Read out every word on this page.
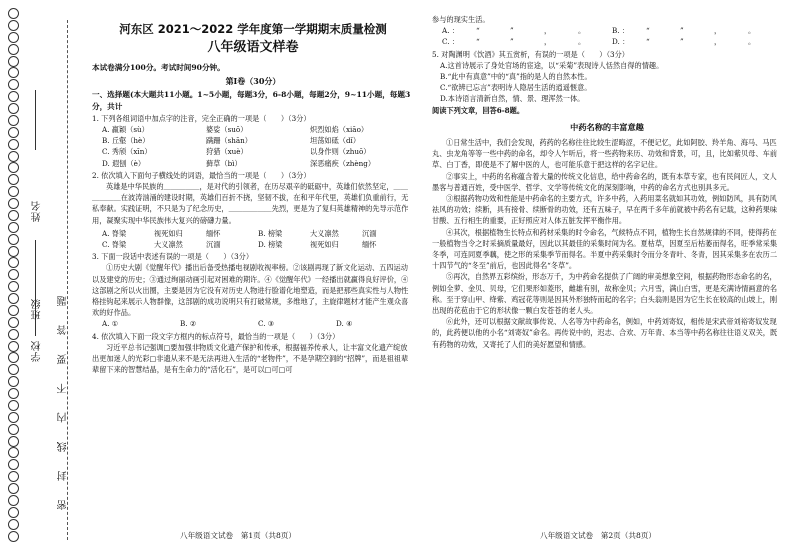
学校
班级
姓名
密 封 线 内 不 要 答 题
河东区 2021～2022 学年度第一学期期末质量检测
八年级语文样卷

本试卷满分100分。考试时间90分钟。

第Ⅰ卷（30分）

一、选择题(本大题共11小题。1~5小题，每题3分，6-8小题，每题2分，9~11小题，每题3分，共计

1. 下列各组词语中加点字的注音，完全正确的一项是（　　）（3分）

A. 羸颖（sù）	婆娑（suō）	炽烈如焰（xiāo）
B. 丘壑（hè）	蹒跚（shān）	坦荡如砥（dǐ）
C. 秀颀（xīn）	狩猎（xuè）	以身作则（zhuō）
D. 遐刨（è）	藓草（bì）	深恶痛疾（zhèng）

2. 依次填入下面句子横线处的词语，最恰当的一项是（　　）（3分）

英雄是中华民族的＿＿＿＿＿，是对代的引领者，在历尽艰辛的砥砺中，英雄们依然坚定，＿＿＿＿＿＿在波涛汹涌的建设时期，英雄们百折不挠，坚韧不拔，在和平年代里，英雄们负重前行，无私奉献。实践证明，不只是为了纪念历史，＿＿＿＿＿＿先烈，更是为了复归英雄精神的先导示范作用，凝聚实现中华民族伟大复兴的磅礴力量。

A. 脊梁	视死如归	缅怀	B. 榜梁	大义凛然	沉湎
C. 脊梁	大义凛然	沉湎	D. 榜梁	视死如归	缅怀

3. 下面一段话中表述有误的一项是（　　）（3分）

①历史大剧《觉醒年代》播出后备受热播电视剧收视率榜。②该剧再现了新文化运动、五四运动以及建党的历史；③通过绚丽动画引起对困难的期许。④《觉醒年代》一经播出就赢得良好评价，④这部剧之所以火出圈，主要是因为它没有对历史人物进行脸谱化地塑造，而是把那些真实性与人物性格挂钩起来展示人物群像，这部剧的成功说明只有打破常规，多维地了，主旋律题材才能产生观众喜欢的好作品。

A. ①	B. ②	C. ③	D. ④

4. 依次填入下面一段文字方框内的标点符号，最恰当的一项是（　　）（3分）

习近平总书记强调□要加强非物质文化遗产保护和传承，根据福养传承人，让丰富文化遗产绽放出更加迷人的光彩□非遗从来不是无法再进入生活的“老物件”，不是孕期空洞的“招牌”，而是祖祖辈辈留下来的智慧结晶，是有生命力的“活化石”，是可以□可□可

八年级语文试卷　第1页（共8页）

参与的现实生活。

A. ：	“	”	，	。	B. ：	“	”	，	。
C. ：	“	”	，	。	D. ：	“	”	，	。

5. 对陶渊明《饮酒》其五赏析，有误的一项是（　　）（3分）

A.这首诗展示了身处官场的宦途，以“采菊”表现诗人恬然自得的情趣。

B.“此中有真意”中的“真”指的是人的自然本性。

C.“欲辨已忘言”表明诗人隐居生活的逍遥惬意。

D.本诗语言清新自然，情、景、理浑然一体。

阅读下列文章，回答6-8题。

中药名称的丰富意趣

①日常生活中，我们会发现，药药的名称往往比较生涩晦涩，不便记忆，此如阿胶、羚羊角、海马、马匹丸、虫龙角等等一些中药的命名，却令人乍听后，将一些药物来历、功效和背景，可，且，比如紫贝母、车前草、白丁香，即使是不了解中医的人，也可能乐意于把这样的名字记住。

②事实上，中药的名称蕴含着大量的传统文化信息，给中药命名的，既有本草专家，也有民间匠人，文人墨客与普通百姓，受中医学、哲学、文学等传统文化的深刻影响，中药的命名方式也别具多元。

③根据药物功效和性能是中药命名的主要方式，许多中药，入药用菜名就如其功效，例如防风，具有防风祛风的功效；续断，具有接骨、续断骨的功效，还有五味子，早在两千多年前就被中药名有记载，这种药果味甘酸、五行相生的重要，正好照应对人体五脏发挥平衡作用。

④其次，根据植物生长特点和药材采集的时令命名，气候特点不同，植物生长自然规律的不同，使得药在一般植物当令之时采摘质量最好，因此以其最佳的采集时间为名。夏枯草，因夏至后枯萎而得名，旺季常采集冬季，可连同夏季藕，使之形的采集季节而得名。半夏中药采集时令而分冬青叶、冬青，因其采集多在农历二十四节气的“冬至”前后，也因此得名“冬草”。

⑤再次，自然界五彩缤纷，形态万千，为中药命名提供了广阔的审美想象空间，根据药物形态命名的名，例如全萝、金贝、贝母，它们果形如菱形，雌雄有别，故称金贝；六月雪，满山白雪，更是充满诗情画意的名称。至于穿山甲、绛紫、鸡冠花等则是因其外形独特而起的名字；白头翁则是因为它生长在较高的山坡上，刚出现的花苞由于它的形状像一颗白发苍苍的老人头。

⑥此外，还可以根据文献故事传说、人名等为中药命名，例如，中药刘寄奴，相传是宋武帝刘裕寄奴发现的，此药便以他的小名“刘寄奴”命名。再传说中的，迟志、合欢、万年青、本当等中药名称往往语义双关，既有药物的功效，又寄托了人们的美好愿望和情感。

八年级语文试卷　第2页（共8页）
